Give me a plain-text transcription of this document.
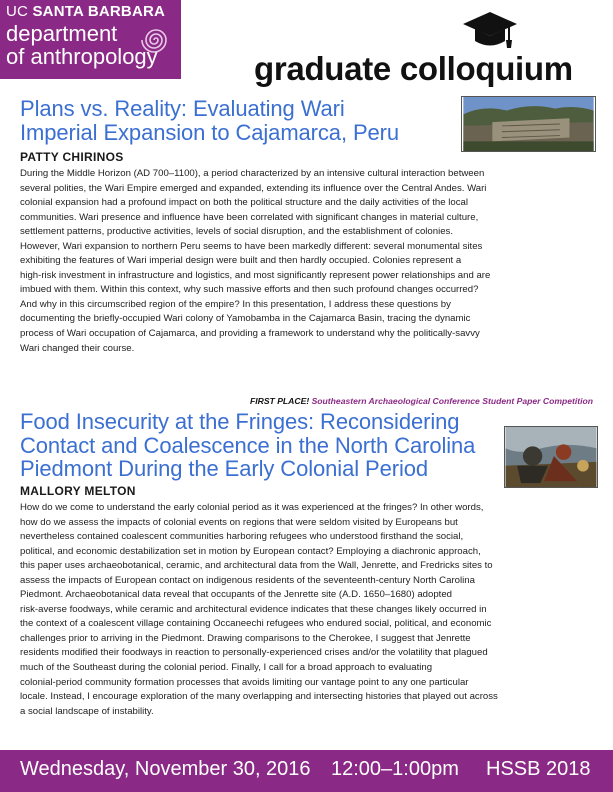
UC SANTA BARBARA
department
of anthropology	graduate colloquium
Plans vs. Reality: Evaluating Wari
Imperial Expansion to Cajamarca, Peru
PATTY CHIRINOS
During the Middle Horizon (AD 700–1100), a period characterized by an intensive cultural interaction between
several polities, the Wari Empire emerged and expanded, extending its influence over the Central Andes. Wari
colonial expansion had a profound impact on both the political structure and the daily activities of the local
communities. Wari presence and influence have been correlated with significant changes in material culture,
settlement patterns, productive activities, levels of social disruption, and the establishment of colonies.
However, Wari expansion to northern Peru seems to have been markedly different: several monumental sites
exhibiting the features of Wari imperial design were built and then hardly occupied. Colonies represent a
high-risk investment in infrastructure and logistics, and most significantly represent power relationships and are
imbued with them. Within this context, why such massive efforts and then such profound changes occurred?
And why in this circumscribed region of the empire? In this presentation, I address these questions by
documenting the briefly-occupied Wari colony of Yamobamba in the Cajamarca Basin, tracing the dynamic
process of Wari occupation of Cajamarca, and providing a framework to understand why the politically-savvy
Wari changed their course.
FIRST PLACE! Southeastern Archaeological Conference Student Paper Competition
Food Insecurity at the Fringes: Reconsidering
Contact and Coalescence in the North Carolina
Piedmont During the Early Colonial Period
MALLORY MELTON
How do we come to understand the early colonial period as it was experienced at the fringes? In other words,
how do we assess the impacts of colonial events on regions that were seldom visited by Europeans but
nevertheless contained coalescent communities harboring refugees who understood firsthand the social,
political, and economic destabilization set in motion by European contact? Employing a diachronic approach,
this paper uses archaeobotanical, ceramic, and architectural data from the Wall, Jenrette, and Fredricks sites to
assess the impacts of European contact on indigenous residents of the seventeenth-century North Carolina
Piedmont. Archaeobotanical data reveal that occupants of the Jenrette site (A.D. 1650–1680) adopted
risk-averse foodways, while ceramic and architectural evidence indicates that these changes likely occurred in
the context of a coalescent village containing Occaneechi refugees who endured social, political, and economic
challenges prior to arriving in the Piedmont. Drawing comparisons to the Cherokee, I suggest that Jenrette
residents modified their foodways in reaction to personally-experienced crises and/or the volatility that plagued
much of the Southeast during the colonial period. Finally, I call for a broad approach to evaluating
colonial-period community formation processes that avoids limiting our vantage point to any one particular
locale. Instead, I encourage exploration of the many overlapping and intersecting histories that played out across
a social landscape of instability.
Wednesday, November 30, 2016 12:00–1:00pm HSSB 2018
